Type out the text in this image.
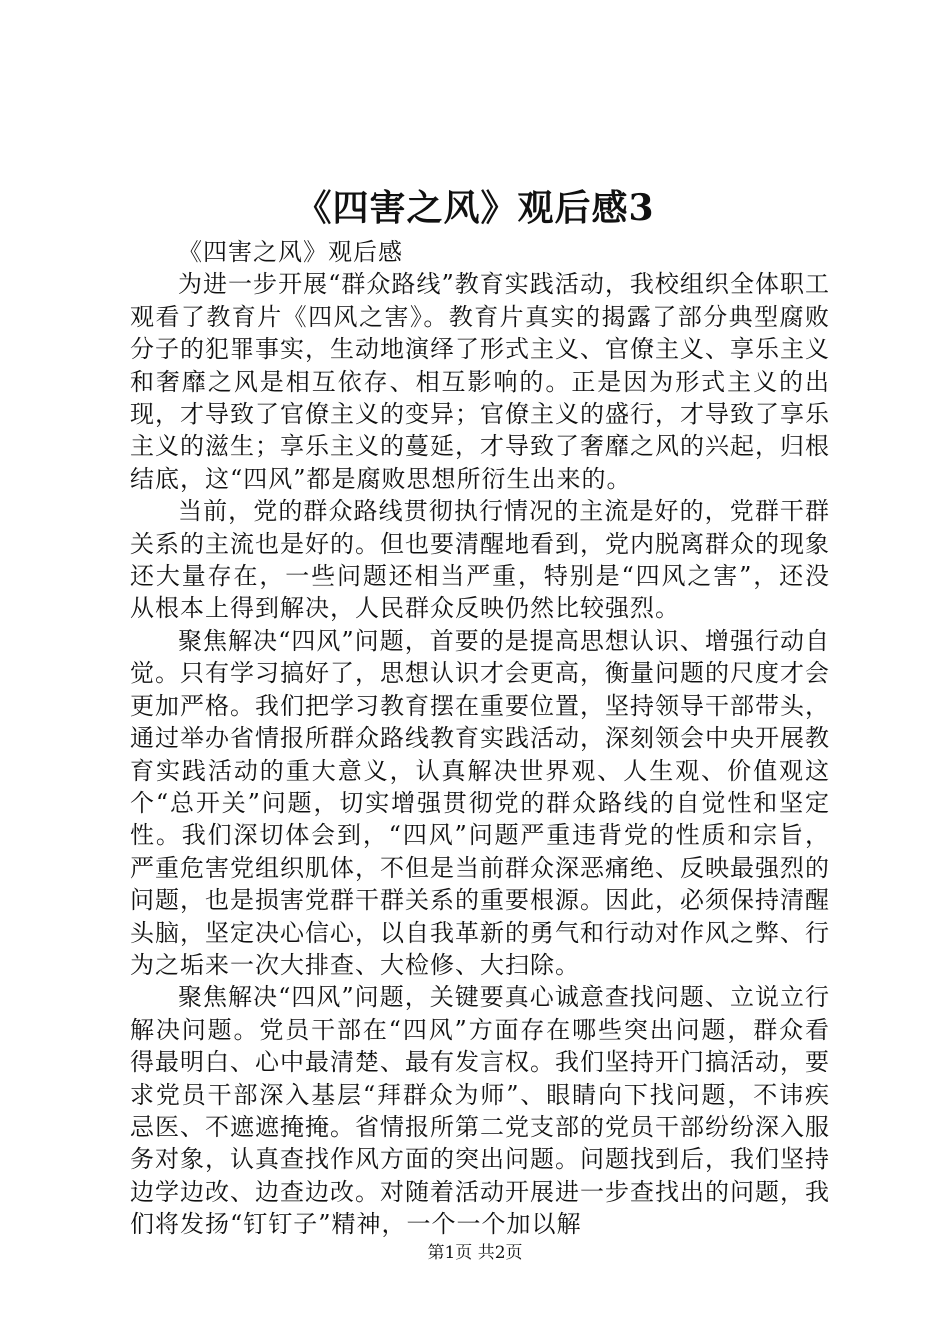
《四害之风》观后感3

《四害之风》观后感

为进一步开展“群众路线”教育实践活动，我校组织全体职工观看了教育片《四风之害》。教育片真实的揭露了部分典型腐败分子的犯罪事实，生动地演绎了形式主义、官僚主义、享乐主义和奢靡之风是相互依存、相互影响的。正是因为形式主义的出现，才导致了官僚主义的变异；官僚主义的盛行，才导致了享乐主义的滋生；享乐主义的蔓延，才导致了奢靡之风的兴起，归根结底，这“四风”都是腐败思想所衍生出来的。

当前，党的群众路线贯彻执行情况的主流是好的，党群干群关系的主流也是好的。但也要清醒地看到，党内脱离群众的现象还大量存在，一些问题还相当严重，特别是“四风之害”，还没从根本上得到解决，人民群众反映仍然比较强烈。

聚焦解决“四风”问题，首要的是提高思想认识、增强行动自觉。只有学习搞好了，思想认识才会更高，衡量问题的尺度才会更加严格。我们把学习教育摆在重要位置，坚持领导干部带头，通过举办省情报所群众路线教育实践活动，深刻领会中央开展教育实践活动的重大意义，认真解决世界观、人生观、价值观这个“总开关”问题，切实增强贯彻党的群众路线的自觉性和坚定性。我们深切体会到，“四风”问题严重违背党的性质和宗旨，严重危害党组织肌体，不但是当前群众深恶痛绝、反映最强烈的问题，也是损害党群干群关系的重要根源。因此，必须保持清醒头脑，坚定决心信心，以自我革新的勇气和行动对作风之弊、行为之垢来一次大排查、大检修、大扫除。

聚焦解决“四风”问题，关键要真心诚意查找问题、立说立行解决问题。党员干部在“四风”方面存在哪些突出问题，群众看得最明白、心中最清楚、最有发言权。我们坚持开门搞活动，要求党员干部深入基层“拜群众为师”、眼睛向下找问题，不讳疾忌医、不遮遮掩掩。省情报所第二党支部的党员干部纷纷深入服务对象，认真查找作风方面的突出问题。问题找到后，我们坚持边学边改、边查边改。对随着活动开展进一步查找出的问题，我们将发扬“钉钉子”精神，一个一个加以解

第1页 共2页
